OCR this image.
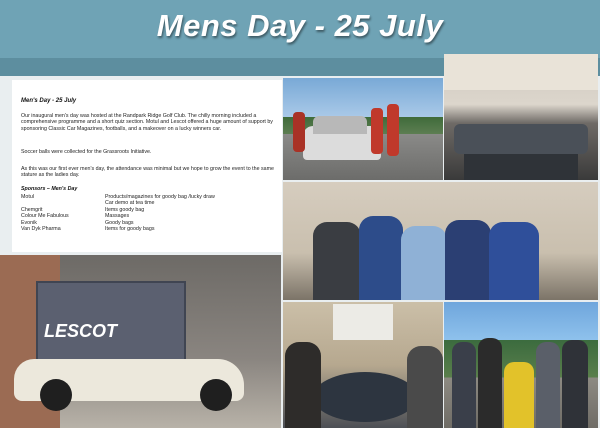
Mens Day - 25 July
Men's Day - 25 July
Our inaugural men's day was hosted at the Randpark Ridge Golf Club. The chilly morning included a comprehensive programme and a short quiz section. Motul and Lescot offered a huge amount of support by sponsoring Classic Car Magazines, footballs, and a makeover on a lucky winners car.
Soccer balls were collected for the Grassroots Initiative.
As this was our first ever men's day, the attendance was minimal but we hope to grow the event to the same stature as the ladies day.
Sponsors – Men's Day
Motul	Products/magazines for goody bag /lucky draw
Car demo at tea time
Chemgrit	Items goody bag
Colour Me Fabulous	Massages
Evonik	Goody bags
Van Dyk Pharma	Items for goody bags
LESCOT
